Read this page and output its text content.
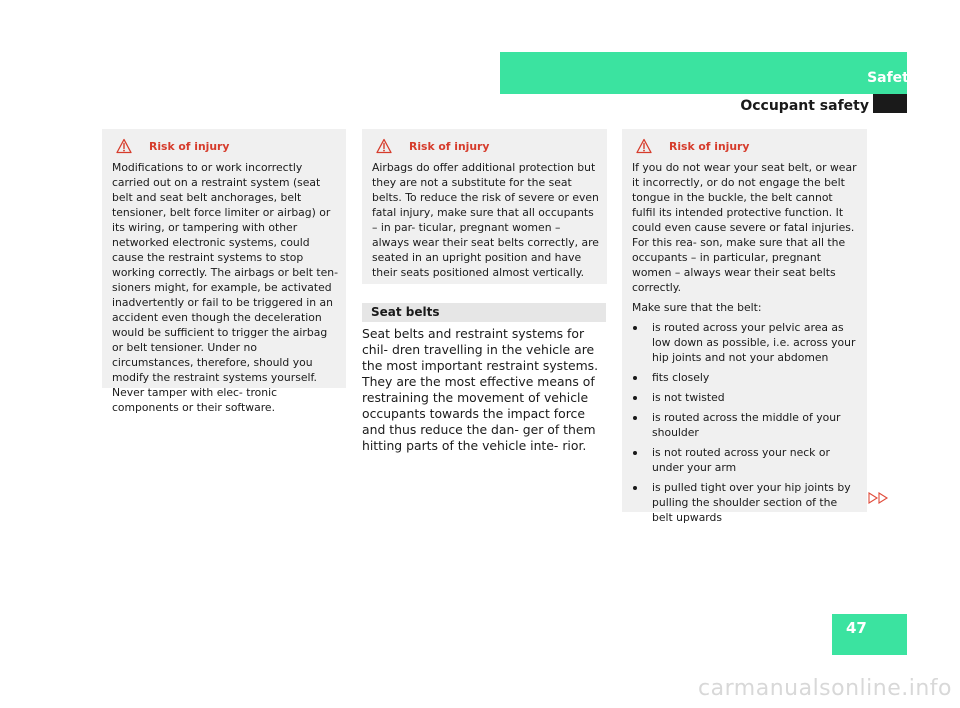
Safety
Occupant safety
Risk of injury

Modifications to or work incorrectly carried out on a restraint system (seat belt and seat belt anchorages, belt tensioner, belt force limiter or airbag) or its wiring, or tampering with other networked electronic systems, could cause the restraint systems to stop working correctly. The airbags or belt ten- sioners might, for example, be activated inadvertently or fail to be triggered in an accident even though the deceleration would be sufficient to trigger the airbag or belt tensioner. Under no circumstances, therefore, should you modify the restraint systems yourself. Never tamper with elec- tronic components or their software.

Risk of injury

Airbags do offer additional protection but they are not a substitute for the seat belts. To reduce the risk of severe or even fatal injury, make sure that all occupants – in par- ticular, pregnant women – always wear their seat belts correctly, are seated in an upright position and have their seats positioned almost vertically.

Seat belts

Seat belts and restraint systems for chil- dren travelling in the vehicle are the most important restraint systems. They are the most effective means of restraining the movement of vehicle occupants towards the impact force and thus reduce the dan- ger of them hitting parts of the vehicle inte- rior.

Risk of injury

If you do not wear your seat belt, or wear it incorrectly, or do not engage the belt tongue in the buckle, the belt cannot fulfil its intended protective function. It could even cause severe or fatal injuries. For this rea- son, make sure that all the occupants – in particular, pregnant women – always wear their seat belts correctly.

Make sure that the belt:

is routed across your pelvic area as low down as possible, i.e. across your hip joints and not your abdomen
fits closely
is not twisted
is routed across the middle of your shoulder
is not routed across your neck or under your arm
is pulled tight over your hip joints by pulling the shoulder section of the belt upwards
47
carmanualsonline.info
